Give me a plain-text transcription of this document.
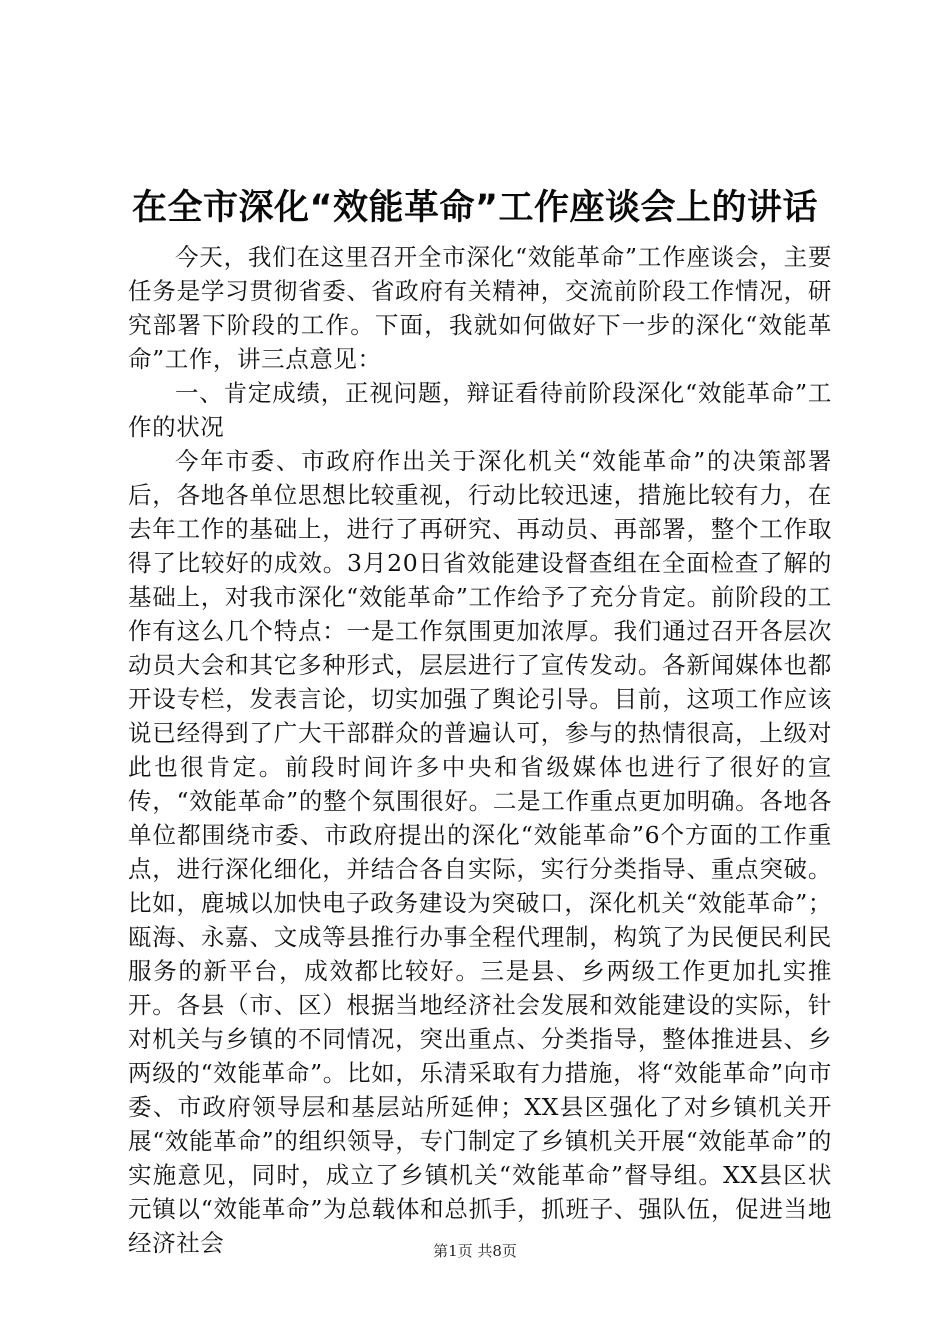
在全市深化“效能革命”工作座谈会上的讲话

今天，我们在这里召开全市深化“效能革命”工作座谈会，主要任务是学习贯彻省委、省政府有关精神，交流前阶段工作情况，研究部署下阶段的工作。下面，我就如何做好下一步的深化“效能革命”工作，讲三点意见：

一、肯定成绩，正视问题，辩证看待前阶段深化“效能革命”工作的状况

今年市委、市政府作出关于深化机关“效能革命”的决策部署后，各地各单位思想比较重视，行动比较迅速，措施比较有力，在去年工作的基础上，进行了再研究、再动员、再部署，整个工作取得了比较好的成效。3月20日省效能建设督查组在全面检查了解的基础上，对我市深化“效能革命”工作给予了充分肯定。前阶段的工作有这么几个特点：一是工作氛围更加浓厚。我们通过召开各层次动员大会和其它多种形式，层层进行了宣传发动。各新闻媒体也都开设专栏，发表言论，切实加强了舆论引导。目前，这项工作应该说已经得到了广大干部群众的普遍认可，参与的热情很高，上级对此也很肯定。前段时间许多中央和省级媒体也进行了很好的宣传，“效能革命”的整个氛围很好。二是工作重点更加明确。各地各单位都围绕市委、市政府提出的深化“效能革命”6个方面的工作重点，进行深化细化，并结合各自实际，实行分类指导、重点突破。比如，鹿城以加快电子政务建设为突破口，深化机关“效能革命”；瓯海、永嘉、文成等县推行办事全程代理制，构筑了为民便民利民服务的新平台，成效都比较好。三是县、乡两级工作更加扎实推开。各县（市、区）根据当地经济社会发展和效能建设的实际，针对机关与乡镇的不同情况，突出重点、分类指导，整体推进县、乡两级的“效能革命”。比如，乐清采取有力措施，将“效能革命”向市委、市政府领导层和基层站所延伸；XX县区强化了对乡镇机关开展“效能革命”的组织领导，专门制定了乡镇机关开展“效能革命”的实施意见，同时，成立了乡镇机关“效能革命”督导组。XX县区状元镇以“效能革命”为总载体和总抓手，抓班子、强队伍，促进当地经济社会	第1页 共8页
